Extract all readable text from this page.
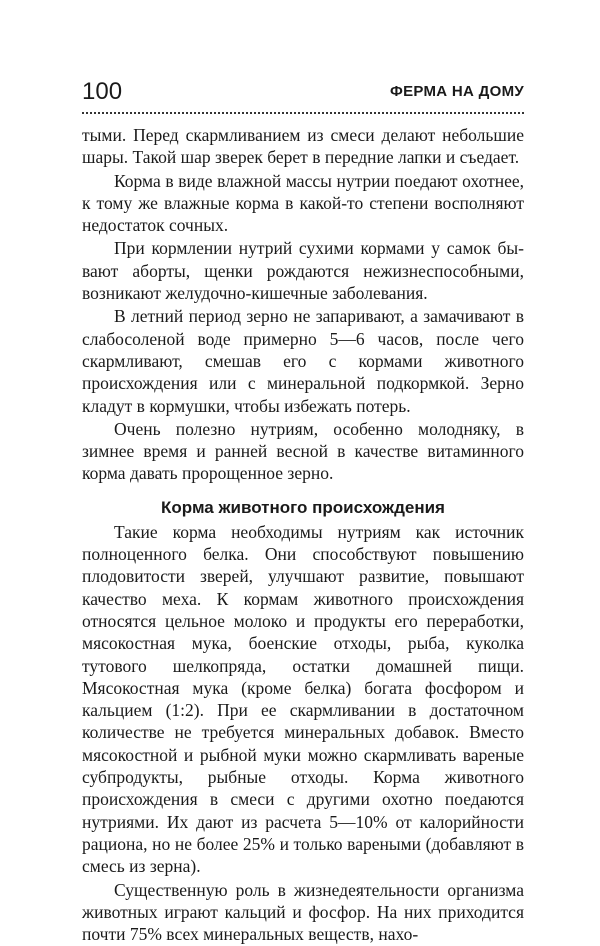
100	ФЕРМА НА ДОМУ

тыми. Перед скармливанием из смеси делают небольшие шары. Такой шар зверек берет в передние лапки и съедает.

Корма в виде влажной массы нутрии поедают охотнее, к тому же влажные корма в какой-то степени восполняют недостаток сочных.

При кормлении нутрий сухими кормами у самок бывают аборты, щенки рождаются нежизнеспособными, возникают желудочно-кишечные заболевания.

В летний период зерно не запаривают, а замачивают в слабосоленой воде примерно 5—6 часов, после чего скармливают, смешав его с кормами животного происхождения или с минеральной подкормкой. Зерно кладут в кормушки, чтобы избежать потерь.

Очень полезно нутриям, особенно молодняку, в зимнее время и ранней весной в качестве витаминного корма давать пророщенное зерно.

Корма животного происхождения

Такие корма необходимы нутриям как источник полноценного белка. Они способствуют повышению плодовитости зверей, улучшают развитие, повышают качество меха. К кормам животного происхождения относятся цельное молоко и продукты его переработки, мясокостная мука, боенские отходы, рыба, куколка тутового шелкопряда, остатки домашней пищи. Мясокостная мука (кроме белка) богата фосфором и кальцием (1:2). При ее скармливании в достаточном количестве не требуется минеральных добавок. Вместо мясокостной и рыбной муки можно скармливать вареные субпродукты, рыбные отходы. Корма животного происхождения в смеси с другими охотно поедаются нутриями. Их дают из расчета 5—10% от калорийности рациона, но не более 25% и только вареными (добавляют в смесь из зерна).

Существенную роль в жизнедеятельности организма животных играют кальций и фосфор. На них приходится почти 75% всех минеральных веществ, нахо-
